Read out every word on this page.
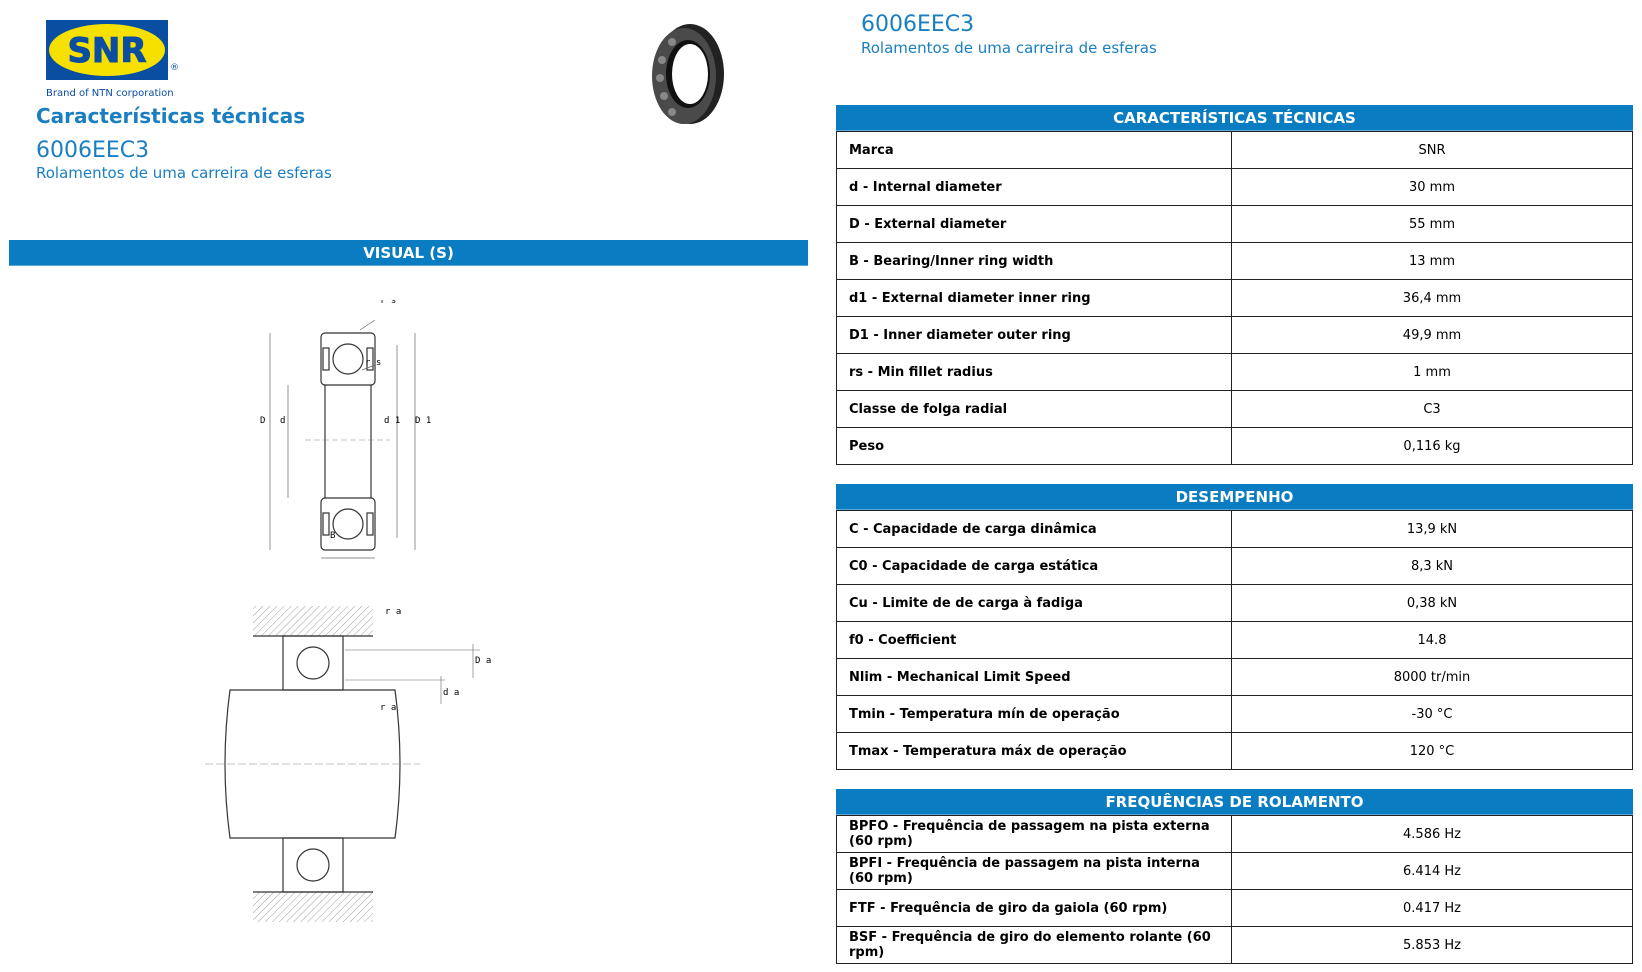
SNR	®
Brand of NTN corporation
Características técnicas
6006EEC3
Rolamentos de uma carreira de esferas
6006EEC3
Rolamentos de uma carreira de esferas
VISUAL (S)
r s
r s
D d	d 1 D 1
B
r a
D a
d a
r a
CARACTERÍSTICAS TÉCNICAS
Marca	SNR
d - Internal diameter	30 mm
D - External diameter	55 mm
B - Bearing/Inner ring width	13 mm
d1 - External diameter inner ring	36,4 mm
D1 - Inner diameter outer ring	49,9 mm
rs - Min fillet radius	1 mm
Classe de folga radial	C3
Peso	0,116 kg
DESEMPENHO
C - Capacidade de carga dinâmica	13,9 kN
C0 - Capacidade de carga estática	8,3 kN
Cu - Limite de de carga à fadiga	0,38 kN
f0 - Coefficient	14.8
Nlim - Mechanical Limit Speed	8000 tr/min
Tmin - Temperatura mín de operação	-30 °C
Tmax - Temperatura máx de operação	120 °C
FREQUÊNCIAS DE ROLAMENTO
BPFO - Frequência de passagem na pista externa (60 rpm)	4.586 Hz
BPFI - Frequência de passagem na pista interna (60 rpm)	6.414 Hz
FTF - Frequência de giro da gaiola (60 rpm)	0.417 Hz
BSF - Frequência de giro do elemento rolante (60 rpm)	5.853 Hz
